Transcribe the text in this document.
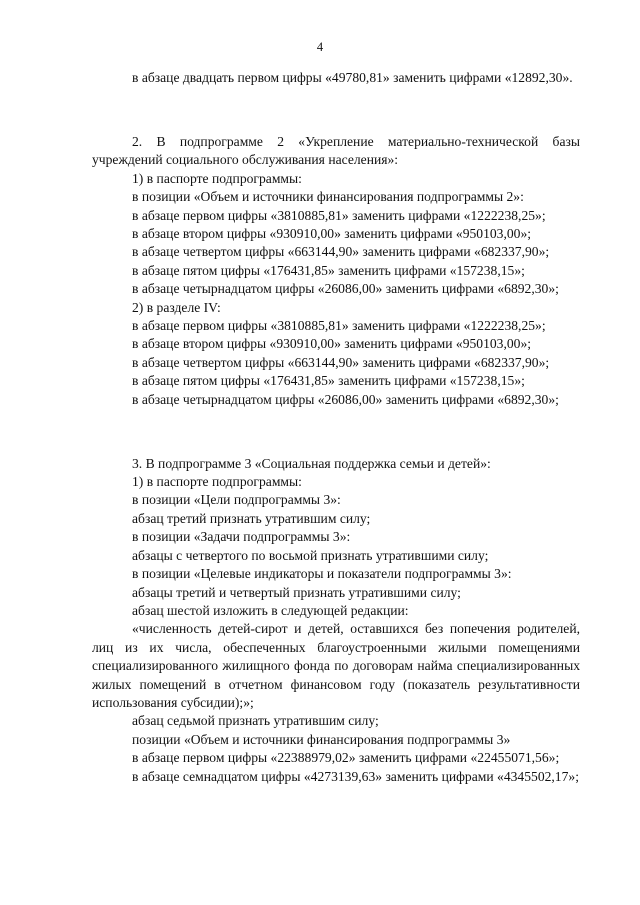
4

в абзаце двадцать первом цифры «49780,81» заменить цифрами «12892,30».

2. В подпрограмме 2 «Укрепление материально-технической базы учреждений социального обслуживания населения»:

1) в паспорте подпрограммы:

в позиции «Объем и источники финансирования подпрограммы 2»:

в абзаце первом цифры «3810885,81» заменить цифрами «1222238,25»;

в абзаце втором цифры «930910,00» заменить цифрами «950103,00»;

в абзаце четвертом цифры «663144,90» заменить цифрами «682337,90»;

в абзаце пятом цифры «176431,85» заменить цифрами «157238,15»;

в абзаце четырнадцатом цифры «26086,00» заменить цифрами «6892,30»;

2) в разделе IV:

в абзаце первом цифры «3810885,81» заменить цифрами «1222238,25»;

в абзаце втором цифры «930910,00» заменить цифрами «950103,00»;

в абзаце четвертом цифры «663144,90» заменить цифрами «682337,90»;

в абзаце пятом цифры «176431,85» заменить цифрами «157238,15»;

в абзаце четырнадцатом цифры «26086,00» заменить цифрами «6892,30»;

3. В подпрограмме 3 «Социальная поддержка семьи и детей»:

1) в паспорте подпрограммы:

в позиции «Цели подпрограммы 3»:

абзац третий признать утратившим силу;

в позиции «Задачи подпрограммы 3»:

абзацы с четвертого по восьмой признать утратившими силу;

в позиции «Целевые индикаторы и показатели подпрограммы 3»:

абзацы третий и четвертый признать утратившими силу;

абзац шестой изложить в следующей редакции:

«численность детей-сирот и детей, оставшихся без попечения родителей, лиц из их числа, обеспеченных благоустроенными жилыми помещениями специализированного жилищного фонда по договорам найма специализированных жилых помещений в отчетном финансовом году (показатель результативности использования субсидии);»;

абзац седьмой признать утратившим силу;

позиции «Объем и источники финансирования подпрограммы 3»

в абзаце первом цифры «22388979,02» заменить цифрами «22455071,56»;

в абзаце семнадцатом цифры «4273139,63» заменить цифрами «4345502,17»;
